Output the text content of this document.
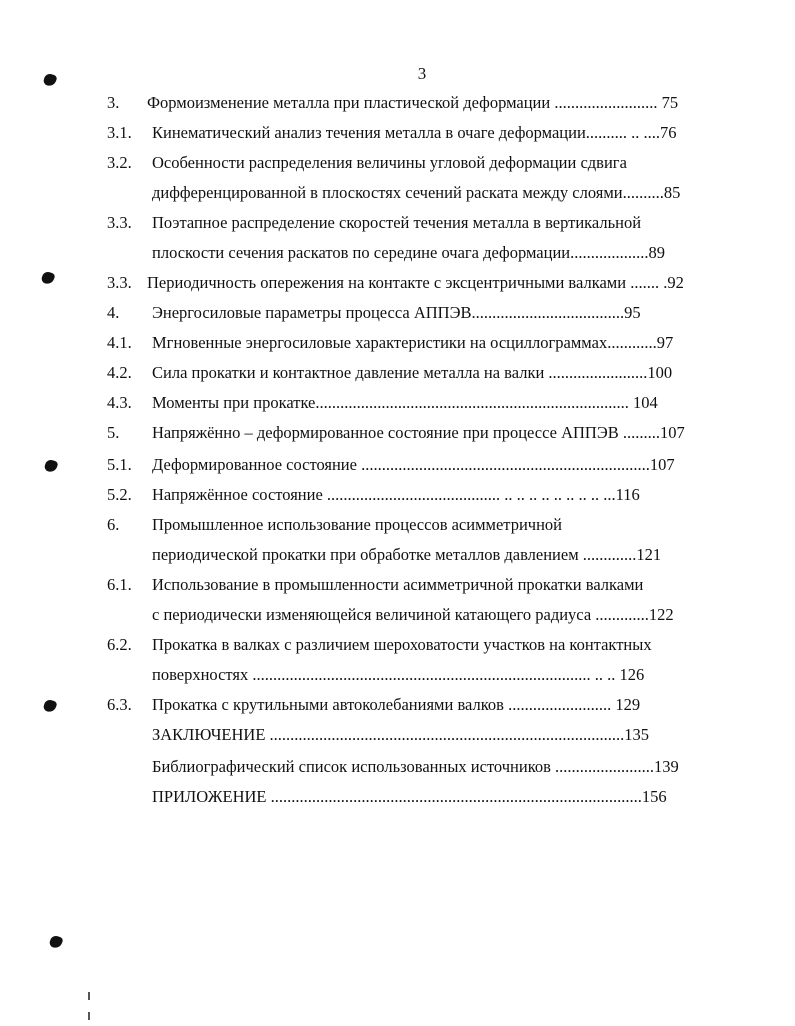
3
3.	Формоизменение металла при пластической деформации ......................... 75
3.1.	Кинематический анализ течения металла в очаге деформации.......... .. ....76
3.2.	Особенности распределения величины угловой деформации сдвига
дифференцированной в плоскостях сечений раската между слоями..........85
3.3.	Поэтапное распределение скоростей течения металла в вертикальной
плоскости сечения раскатов по середине очага деформации...................89
3.3. Периодичность опережения на контакте с эксцентричными валками ....... .92
4.	Энергосиловые параметры процесса АППЭВ.....................................95
4.1.	Мгновенные энергосиловые характеристики на осциллограммах............97
4.2.	Сила прокатки и контактное давление металла на валки ........................100
4.3.	Моменты при прокатке............................................................................ 104
5.	Напряжённо – деформированное состояние при процессе АППЭВ .........107
5.1.	Деформированное состояние ......................................................................107
5.2.	Напряжённое состояние .......................................... .. .. .. .. .. .. .. .. ...116
6.	Промышленное использование процессов асимметричной
периодической прокатки при обработке металлов давлением .............121
6.1.	Использование в промышленности асимметричной прокатки валками
с периодически изменяющейся величиной катающего радиуса .............122
6.2.	Прокатка в валках с различием шероховатости участков на контактных
поверхностях .................................................................................. .. .. 126
6.3.	Прокатка с крутильными автоколебаниями валков ......................... 129
ЗАКЛЮЧЕНИЕ ......................................................................................135
Библиографический список использованных источников ........................139
ПРИЛОЖЕНИЕ ..........................................................................................156
